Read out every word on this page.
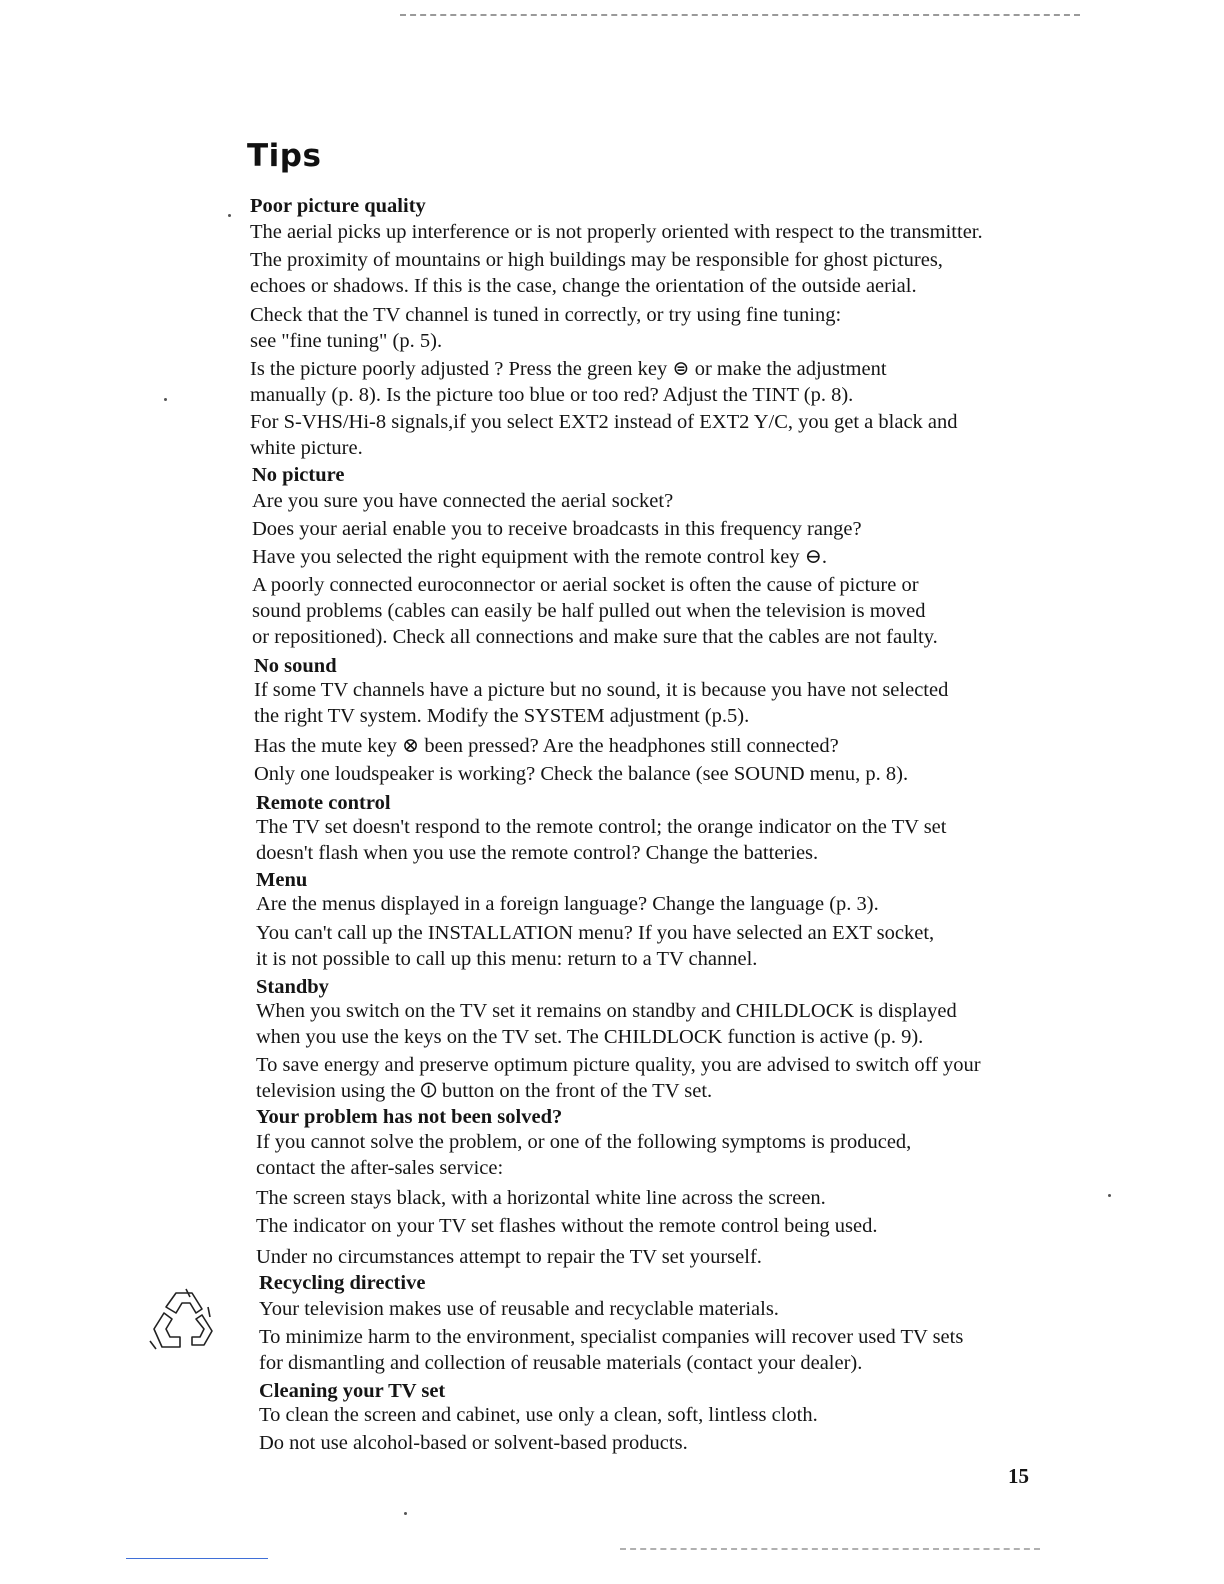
Tips
Poor picture quality
The aerial picks up interference or is not properly oriented with respect to the transmitter.
The proximity of mountains or high buildings may be responsible for ghost pictures,
echoes or shadows. If this is the case, change the orientation of the outside aerial.
Check that the TV channel is tuned in correctly, or try using fine tuning:
see "fine tuning" (p. 5).
Is the picture poorly adjusted ? Press the green key ⊜ or make the adjustment
manually (p. 8). Is the picture too blue or too red? Adjust the TINT (p. 8).
For S-VHS/Hi-8 signals,if you select EXT2 instead of EXT2 Y/C, you get a black and
white picture.
No picture
Are you sure you have connected the aerial socket?
Does your aerial enable you to receive broadcasts in this frequency range?
Have you selected the right equipment with the remote control key ⊖.
A poorly connected euroconnector or aerial socket is often the cause of picture or
sound problems (cables can easily be half pulled out when the television is moved
or repositioned). Check all connections and make sure that the cables are not faulty.
No sound
If some TV channels have a picture but no sound, it is because you have not selected
the right TV system. Modify the SYSTEM adjustment (p.5).
Has the mute key ⊗ been pressed? Are the headphones still connected?
Only one loudspeaker is working? Check the balance (see SOUND menu, p. 8).
Remote control
The TV set doesn't respond to the remote control; the orange indicator on the TV set
doesn't flash when you use the remote control? Change the batteries.
Menu
Are the menus displayed in a foreign language? Change the language (p. 3).
You can't call up the INSTALLATION menu? If you have selected an EXT socket,
it is not possible to call up this menu: return to a TV channel.
Standby
When you switch on the TV set it remains on standby and CHILDLOCK is displayed
when you use the keys on the TV set. The CHILDLOCK function is active (p. 9).
To save energy and preserve optimum picture quality, you are advised to switch off your
television using the ⏼ button on the front of the TV set.
Your problem has not been solved?
If you cannot solve the problem, or one of the following symptoms is produced,
contact the after-sales service:
The screen stays black, with a horizontal white line across the screen.
The indicator on your TV set flashes without the remote control being used.
Under no circumstances attempt to repair the TV set yourself.
Recycling directive
Your television makes use of reusable and recyclable materials.
To minimize harm to the environment, specialist companies will recover used TV sets
for dismantling and collection of reusable materials (contact your dealer).
Cleaning your TV set
To clean the screen and cabinet, use only a clean, soft, lintless cloth.
Do not use alcohol-based or solvent-based products.
15
